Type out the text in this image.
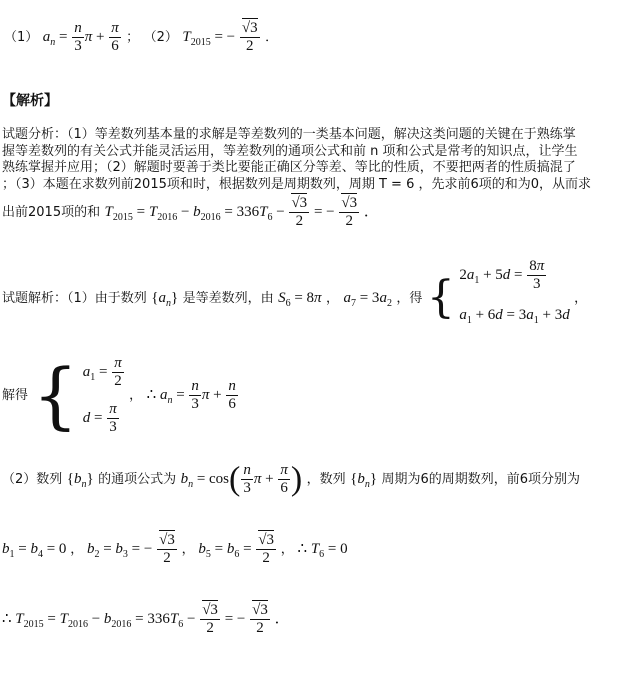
（1） $a_n = \frac{n}{3}$ $\pi + \frac{\pi}{6}$ ； （2） $T_{2015}$ = − $\frac{√3}{2}$ ．
【解析】
试题分析：（1）等差数列基本量的求解是等差数列的一类基本问题，解决这类问题的关键在于熟练掌
握等差数列的有关公式并能灵活运用，等差数列的通项公式和前 n 项和公式是常考的知识点，让学生
熟练掌握并应用；（2）解题时要善于类比要能正确区分等差、等比的性质，不要把两者的性质搞混了
；（3）本题在求数列前2015项和时，根据数列是周期数列，周期 T = 6 ，先求前6项的和为0，从而求
出前2015项的和 $T_{2015} = T_{2016} - b_{2016} = 336T_6 - \frac{√3}{2}$ = − $\frac{√3}{2}$ ．
试题解析：（1）由于数列 $\{a_n\}$ 是等差数列，由 $S_6 = 8\pi$ ， $a_7 = 3a_2$ ，得 { $2a_1 + 5d = \frac{8\pi}{3}$
$a_1 + 6d = 3a_1 + 3d$
，
解得 { $a_1 = \frac{\pi}{2}$
$d = \frac{\pi}{3}$
， ∴ $a_n = \frac{n}{3}$ $\pi + \frac{n}{6}$
（2）数列 $\{b_n\}$ 的通项公式为 $b_n = \cos( \frac{n}{3}$ $\pi + \frac{\pi}{6}$ ) ，数列 $\{b_n\}$ 周期为6的周期数列，前6项分别为
$b_1 = b_4 = 0$ ， $b_2 = b_3$ = − $\frac{√3}{2}$ ， $b_5 = b_6 = \frac{√3}{2}$ ， ∴ $T_6 = 0$
∴ $T_{2015} = T_{2016} - b_{2016} = 336T_6 - \frac{√3}{2}$ = − $\frac{√3}{2}$ ．
